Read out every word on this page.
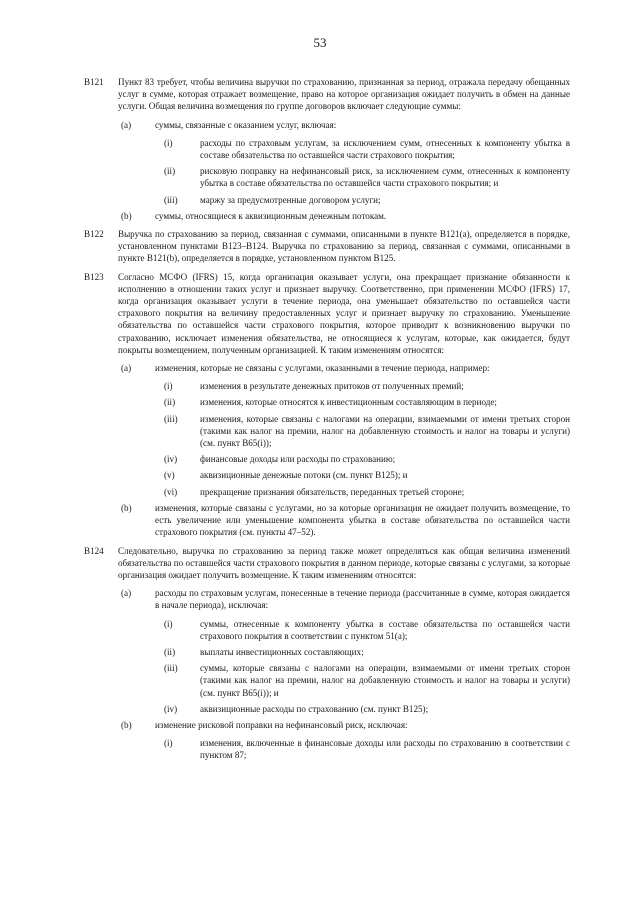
53
B121 Пункт 83 требует, чтобы величина выручки по страхованию, признанная за период, отражала передачу обещанных услуг в сумме, которая отражает возмещение, право на которое организация ожидает получить в обмен на данные услуги. Общая величина возмещения по группе договоров включает следующие суммы:
(a)	суммы, связанные с оказанием услуг, включая:
(i)	расходы по страховым услугам, за исключением сумм, отнесенных к компоненту убытка в составе обязательства по оставшейся части страхового покрытия;
(ii)	рисковую поправку на нефинансовый риск, за исключением сумм, отнесенных к компоненту убытка в составе обязательства по оставшейся части страхового покрытия; и
(iii) маржу за предусмотренные договором услуги;
(b)	суммы, относящиеся к аквизиционным денежным потокам.
B122 Выручка по страхованию за период, связанная с суммами, описанными в пункте B121(a), определяется в порядке, установленном пунктами B123–B124. Выручка по страхованию за период, связанная с суммами, описанными в пункте B121(b), определяется в порядке, установленном пунктом B125.
B123 Согласно МСФО (IFRS) 15, когда организация оказывает услуги, она прекращает признание обязанности к исполнению в отношении таких услуг и признает выручку. Соответственно, при применении МСФО (IFRS) 17, когда организация оказывает услуги в течение периода, она уменьшает обязательство по оставшейся части страхового покрытия на величину предоставленных услуг и признает выручку по страхованию. Уменьшение обязательства по оставшейся части страхового покрытия, которое приводит к возникновению выручки по страхованию, исключает изменения обязательства, не относящиеся к услугам, которые, как ожидается, будут покрыты возмещением, полученным организацией. К таким изменениям относятся:
(a)	изменения, которые не связаны с услугами, оказанными в течение периода, например:
(i)	изменения в результате денежных притоков от полученных премий;
(ii)	изменения, которые относятся к инвестиционным составляющим в периоде;
(iii) изменения, которые связаны с налогами на операции, взимаемыми от имени третьих сторон (такими как налог на премии, налог на добавленную стоимость и налог на товары и услуги) (см. пункт B65(i));
(iv)	финансовые доходы или расходы по страхованию;
(v)	аквизиционные денежные потоки (см. пункт B125); и
(vi)	прекращение признания обязательств, переданных третьей стороне;
(b)	изменения, которые связаны с услугами, но за которые организация не ожидает получить возмещение, то есть увеличение или уменьшение компонента убытка в составе обязательства по оставшейся части страхового покрытия (см. пункты 47–52).
B124 Следовательно, выручка по страхованию за период также может определяться как общая величина изменений обязательства по оставшейся части страхового покрытия в данном периоде, которые связаны с услугами, за которые организация ожидает получить возмещение. К таким изменениям относятся:
(a)	расходы по страховым услугам, понесенные в течение периода (рассчитанные в сумме, которая ожидается в начале периода), исключая:
(i)	суммы, отнесенные к компоненту убытка в составе обязательства по оставшейся части страхового покрытия в соответствии с пунктом 51(a);
(ii)	выплаты инвестиционных составляющих;
(iii) суммы, которые связаны с налогами на операции, взимаемыми от имени третьих сторон (такими как налог на премии, налог на добавленную стоимость и налог на товары и услуги) (см. пункт B65(i)); и
(iv)	аквизиционные расходы по страхованию (см. пункт B125);
(b)	изменение рисковой поправки на нефинансовый риск, исключая:
(i)	изменения, включенные в финансовые доходы или расходы по страхованию в соответствии с пунктом 87;
